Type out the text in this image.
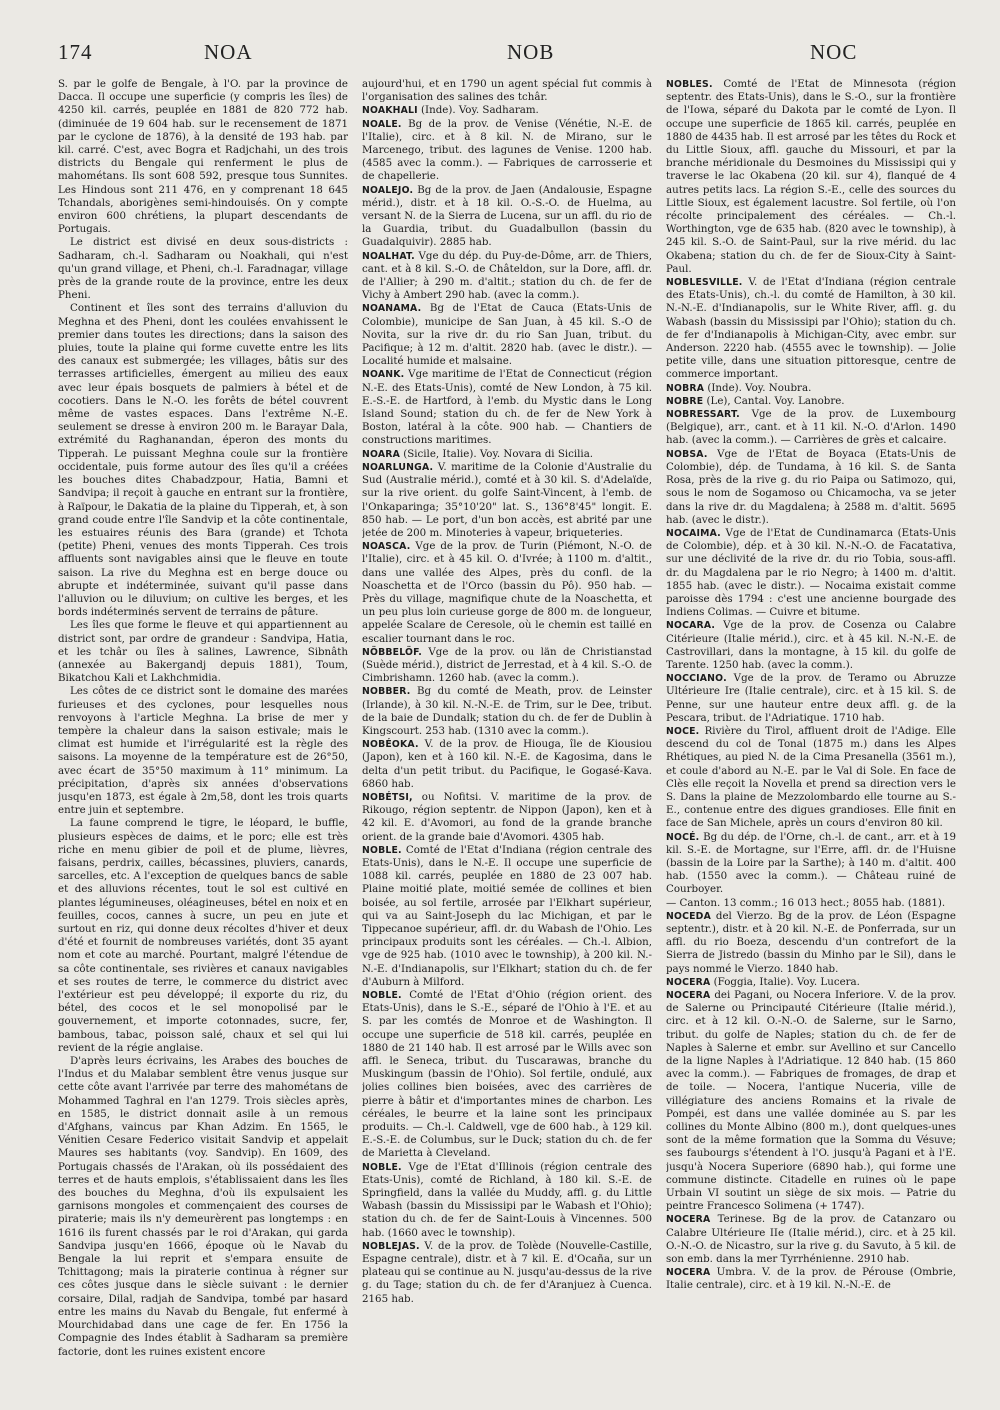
174	NOA	NOB	NOC

S. par le golfe de Bengale, à l'O. par la province de Dacca. Il occupe une superficie (y compris les îles) de 4250 kil. carrés, peuplée en 1881 de 820 772 hab. (diminuée de 19 604 hab. sur le recensement de 1871 par le cyclone de 1876), à la densité de 193 hab. par kil. carré. C'est, avec Bogra et Radjchahi, un des trois districts du Bengale qui renferment le plus de mahométans. Ils sont 608 592, presque tous Sunnites. Les Hindous sont 211 476, en y comprenant 18 645 Tchandals, aborigènes semi-hindouisés. On y compte environ 600 chrétiens, la plupart descendants de Portugais.

Le district est divisé en deux sous-districts : Sadharam, ch.-l. Sadharam ou Noakhali, qui n'est qu'un grand village, et Pheni, ch.-l. Faradnagar, village près de la grande route de la province, entre les deux Pheni.

Continent et îles sont des terrains d'alluvion du Meghna et des Pheni, dont les coulées envahissent le premier dans toutes les directions; dans la saison des pluies, toute la plaine qui forme cuvette entre les lits des canaux est submergée; les villages, bâtis sur des terrasses artificielles, émergent au milieu des eaux avec leur épais bosquets de palmiers à bétel et de cocotiers. Dans le N.-O. les forêts de bétel couvrent même de vastes espaces. Dans l'extrême N.-E. seulement se dresse à environ 200 m. le Barayar Dala, extrémité du Raghanandan, éperon des monts du Tipperah. Le puissant Meghna coule sur la frontière occidentale, puis forme autour des îles qu'il a créées les bouches dites Chabadzpour, Hatia, Bamni et Sandvipa; il reçoit à gauche en entrant sur la frontière, à Raïpour, le Dakatia de la plaine du Tipperah, et, à son grand coude entre l'île Sandvip et la côte continentale, les estuaires réunis des Bara (grande) et Tchota (petite) Pheni, venues des monts Tipperah. Ces trois affluents sont navigables ainsi que le fleuve en toute saison. La rive du Meghna est en berge douce ou abrupte et indéterminée, suivant qu'il passe dans l'alluvion ou le diluvium; on cultive les berges, et les bords indéterminés servent de terrains de pâture.

Les îles que forme le fleuve et qui appartiennent au district sont, par ordre de grandeur : Sandvipa, Hatia, et les tchâr ou îles à salines, Lawrence, Sibnâth (annexée au Bakergandj depuis 1881), Toum, Bikatchou Kali et Lakhchmidia.

Les côtes de ce district sont le domaine des marées furieuses et des cyclones, pour lesquelles nous renvoyons à l'article Meghna. La brise de mer y tempère la chaleur dans la saison estivale; mais le climat est humide et l'irrégularité est la règle des saisons. La moyenne de la température est de 26°50, avec écart de 35°50 maximum à 11° minimum. La précipitation, d'après six années d'observations jusqu'en 1873, est égale à 2m,58, dont les trois quarts entre juin et septembre.

La faune comprend le tigre, le léopard, le buffle, plusieurs espèces de daims, et le porc; elle est très riche en menu gibier de poil et de plume, lièvres, faisans, perdrix, cailles, bécassines, pluviers, canards, sarcelles, etc. A l'exception de quelques bancs de sable et des alluvions récentes, tout le sol est cultivé en plantes légumineuses, oléagineuses, bétel en noix et en feuilles, cocos, cannes à sucre, un peu en jute et surtout en riz, qui donne deux récoltes d'hiver et deux d'été et fournit de nombreuses variétés, dont 35 ayant nom et cote au marché. Pourtant, malgré l'étendue de sa côte continentale, ses rivières et canaux navigables et ses routes de terre, le commerce du district avec l'extérieur est peu développé; il exporte du riz, du bétel, des cocos et le sel monopolisé par le gouvernement, et importe cotonnades, sucre, fer, bambous, tabac, poisson salé, chaux et sel qui lui revient de la régie anglaise.

D'après leurs écrivains, les Arabes des bouches de l'Indus et du Malabar semblent être venus jusque sur cette côte avant l'arrivée par terre des mahométans de Mohammed Taghral en l'an 1279. Trois siècles après, en 1585, le district donnait asile à un remous d'Afghans, vaincus par Khan Adzim. En 1565, le Vénitien Cesare Federico visitait Sandvip et appelait Maures ses habitants (voy. Sandvip). En 1609, des Portugais chassés de l'Arakan, où ils possédaient des terres et de hauts emplois, s'établissaient dans les îles des bouches du Meghna, d'où ils expulsaient les garnisons mongoles et commençaient des courses de piraterie; mais ils n'y demeurèrent pas longtemps : en 1616 ils furent chassés par le roi d'Arakan, qui garda Sandvipa jusqu'en 1666, époque où le Navab du Bengale la lui reprit et s'empara ensuite de Tchittagong; mais la piraterie continua à régner sur ces côtes jusque dans le siècle suivant : le dernier corsaire, Dilal, radjah de Sandvipa, tombé par hasard entre les mains du Navab du Bengale, fut enfermé à Mourchidabad dans une cage de fer. En 1756 la Compagnie des Indes établit à Sadharam sa première factorie, dont les ruines existent encore

aujourd'hui, et en 1790 un agent spécial fut commis à l'organisation des salines des tchâr.

NOAKHALI (Inde). Voy. Sadharam.

NOALE. Bg de la prov. de Venise (Vénétie, N.-E. de l'Italie), circ. et à 8 kil. N. de Mirano, sur le Marcenego, tribut. des lagunes de Venise. 1200 hab. (4585 avec la comm.). — Fabriques de carrosserie et de chapellerie.

NOALEJO. Bg de la prov. de Jaen (Andalousie, Espagne mérid.), distr. et à 18 kil. O.-S.-O. de Huelma, au versant N. de la Sierra de Lucena, sur un affl. du rio de la Guardia, tribut. du Guadalbullon (bassin du Guadalquivir). 2885 hab.

NOALHAT. Vge du dép. du Puy-de-Dôme, arr. de Thiers, cant. et à 8 kil. S.-O. de Châteldon, sur la Dore, affl. dr. de l'Allier; à 290 m. d'altit.; station du ch. de fer de Vichy à Ambert 290 hab. (avec la comm.).

NOANAMA. Bg de l'Etat de Cauca (Etats-Unis de Colombie), municipe de San Juan, à 45 kil. S.-O de Novita, sur la rive dr. du rio San Juan, tribut. du Pacifique; à 12 m. d'altit. 2820 hab. (avec le distr.). — Localité humide et malsaine.

NOANK. Vge maritime de l'Etat de Connecticut (région N.-E. des Etats-Unis), comté de New London, à 75 kil. E.-S.-E. de Hartford, à l'emb. du Mystic dans le Long Island Sound; station du ch. de fer de New York à Boston, latéral à la côte. 900 hab. — Chantiers de constructions maritimes.

NOARA (Sicile, Italie). Voy. Novara di Sicilia.

NOARLUNGA. V. maritime de la Colonie d'Australie du Sud (Australie mérid.), comté et à 30 kil. S. d'Adelaïde, sur la rive orient. du golfe Saint-Vincent, à l'emb. de l'Onkaparinga; 35°10'20" lat. S., 136°8'45" longit. E. 850 hab. — Le port, d'un bon accès, est abrité par une jetée de 200 m. Minoteries à vapeur, briqueteries.

NOASCA. Vge de la prov. de Turin (Piémont, N.-O. de l'Italie), circ. et à 45 kil. O. d'Ivrée; à 1100 m. d'altit., dans une vallée des Alpes, près du confl. de la Noaschetta et de l'Orco (bassin du Pô). 950 hab. — Près du village, magnifique chute de la Noaschetta, et un peu plus loin curieuse gorge de 800 m. de longueur, appelée Scalare de Ceresole, où le chemin est taillé en escalier tournant dans le roc.

NÖBBELÖF. Vge de la prov. ou län de Christianstad (Suède mérid.), district de Jerrestad, et à 4 kil. S.-O. de Cimbrishamn. 1260 hab. (avec la comm.).

NOBBER. Bg du comté de Meath, prov. de Leinster (Irlande), à 30 kil. N.-N.-E. de Trim, sur le Dee, tribut. de la baie de Dundalk; station du ch. de fer de Dublin à Kingscourt. 253 hab. (1310 avec la comm.).

NOBÉOKA. V. de la prov. de Hiouga, île de Kiousiou (Japon), ken et à 160 kil. N.-E. de Kagosima, dans le delta d'un petit tribut. du Pacifique, le Gogasé-Kava. 6860 hab.

NOBÉTSI, ou Nofitsi. V. maritime de la prov. de Rikougo, région septentr. de Nippon (Japon), ken et à 42 kil. E. d'Avomori, au fond de la grande branche orient. de la grande baie d'Avomori. 4305 hab.

NOBLE. Comté de l'Etat d'Indiana (région centrale des Etats-Unis), dans le N.-E. Il occupe une superficie de 1088 kil. carrés, peuplée en 1880 de 23 007 hab. Plaine moitié plate, moitié semée de collines et bien boisée, au sol fertile, arrosée par l'Elkhart supérieur, qui va au Saint-Joseph du lac Michigan, et par le Tippecanoe supérieur, affl. dr. du Wabash de l'Ohio. Les principaux produits sont les céréales. — Ch.-l. Albion, vge de 925 hab. (1010 avec le township), à 200 kil. N.-N.-E. d'Indianapolis, sur l'Elkhart; station du ch. de fer d'Auburn à Milford.

NOBLE. Comté de l'Etat d'Ohio (région orient. des Etats-Unis), dans le S.-E., séparé de l'Ohio à l'E. et au S. par les comtés de Monroe et de Washington. Il occupe une superficie de 518 kil. carrés, peuplée en 1880 de 21 140 hab. Il est arrosé par le Wills avec son affl. le Seneca, tribut. du Tuscarawas, branche du Muskingum (bassin de l'Ohio). Sol fertile, ondulé, aux jolies collines bien boisées, avec des carrières de pierre à bâtir et d'importantes mines de charbon. Les céréales, le beurre et la laine sont les principaux produits. — Ch.-l. Caldwell, vge de 600 hab., à 129 kil. E.-S.-E. de Columbus, sur le Duck; station du ch. de fer de Marietta à Cleveland.

NOBLE. Vge de l'Etat d'Illinois (région centrale des Etats-Unis), comté de Richland, à 180 kil. S.-E. de Springfield, dans la vallée du Muddy, affl. g. du Little Wabash (bassin du Mississipi par le Wabash et l'Ohio); station du ch. de fer de Saint-Louis à Vincennes. 500 hab. (1660 avec le township).

NOBLEJAS. V. de la prov. de Tolède (Nouvelle-Castille, Espagne centrale), distr. et à 7 kil. E. d'Ocaña, sur un plateau qui se continue au N. jusqu'au-dessus de la rive g. du Tage; station du ch. de fer d'Aranjuez à Cuenca. 2165 hab.

NOBLES. Comté de l'Etat de Minnesota (région septentr. des Etats-Unis), dans le S.-O., sur la frontière de l'Iowa, séparé du Dakota par le comté de Lyon. Il occupe une superficie de 1865 kil. carrés, peuplée en 1880 de 4435 hab. Il est arrosé par les têtes du Rock et du Little Sioux, affl. gauche du Missouri, et par la branche méridionale du Desmoines du Mississipi qui y traverse le lac Okabena (20 kil. sur 4), flanqué de 4 autres petits lacs. La région S.-E., celle des sources du Little Sioux, est également lacustre. Sol fertile, où l'on récolte principalement des céréales. — Ch.-l. Worthington, vge de 635 hab. (820 avec le township), à 245 kil. S.-O. de Saint-Paul, sur la rive mérid. du lac Okabena; station du ch. de fer de Sioux-City à Saint-Paul.

NOBLESVILLE. V. de l'Etat d'Indiana (région centrale des Etats-Unis), ch.-l. du comté de Hamilton, à 30 kil. N.-N.-E. d'Indianapolis, sur le White River, affl. g. du Wabash (bassin du Mississipi par l'Ohio); station du ch. de fer d'Indianapolis à Michigan-City, avec embr. sur Anderson. 2220 hab. (4555 avec le township). — Jolie petite ville, dans une situation pittoresque, centre de commerce important.

NOBRA (Inde). Voy. Noubra.

NOBRE (Le), Cantal. Voy. Lanobre.

NOBRESSART. Vge de la prov. de Luxembourg (Belgique), arr., cant. et à 11 kil. N.-O. d'Arlon. 1490 hab. (avec la comm.). — Carrières de grès et calcaire.

NOBSA. Vge de l'Etat de Boyaca (Etats-Unis de Colombie), dép. de Tundama, à 16 kil. S. de Santa Rosa, près de la rive g. du rio Paipa ou Satimozo, qui, sous le nom de Sogamoso ou Chicamocha, va se jeter dans la rive dr. du Magdalena; à 2588 m. d'altit. 5695 hab. (avec le distr.).

NOCAIMA. Vge de l'Etat de Cundinamarca (Etats-Unis de Colombie), dép. et à 30 kil. N.-N.-O. de Facatativa, sur une déclivité de la rive dr. du rio Tobia, sous-affl. dr. du Magdalena par le rio Negro; à 1400 m. d'altit. 1855 hab. (avec le distr.). — Nocaima existait comme paroisse dès 1794 : c'est une ancienne bourgade des Indiens Colimas. — Cuivre et bitume.

NOCARA. Vge de la prov. de Cosenza ou Calabre Citérieure (Italie mérid.), circ. et à 45 kil. N.-N.-E. de Castrovillari, dans la montagne, à 15 kil. du golfe de Tarente. 1250 hab. (avec la comm.).

NOCCIANO. Vge de la prov. de Teramo ou Abruzze Ultérieure Ire (Italie centrale), circ. et à 15 kil. S. de Penne, sur une hauteur entre deux affl. g. de la Pescara, tribut. de l'Adriatique. 1710 hab.

NOCE. Rivière du Tirol, affluent droit de l'Adige. Elle descend du col de Tonal (1875 m.) dans les Alpes Rhétiques, au pied N. de la Cima Presanella (3561 m.), et coule d'abord au N.-E. par le Val di Sole. En face de Clès elle reçoit la Novella et prend sa direction vers le S. Dans la plaine de Mezzolombardo elle tourne au S.-E., contenue entre des digues grandioses. Elle finit en face de San Michele, après un cours d'environ 80 kil.

NOCÉ. Bg du dép. de l'Orne, ch.-l. de cant., arr. et à 19 kil. S.-E. de Mortagne, sur l'Erre, affl. dr. de l'Huisne (bassin de la Loire par la Sarthe); à 140 m. d'altit. 400 hab. (1550 avec la comm.). — Château ruiné de Courboyer.

— Canton. 13 comm.; 16 013 hect.; 8055 hab. (1881).

NOCEDA del Vierzo. Bg de la prov. de Léon (Espagne septentr.), distr. et à 20 kil. N.-E. de Ponferrada, sur un affl. du rio Boeza, descendu d'un contrefort de la Sierra de Jistredo (bassin du Minho par le Sil), dans le pays nommé le Vierzo. 1840 hab.

NOCERA (Foggia, Italie). Voy. Lucera.

NOCERA dei Pagani, ou Nocera Inferiore. V. de la prov. de Salerne ou Principauté Citérieure (Italie mérid.), circ. et à 12 kil. O.-N.-O. de Salerne, sur le Sarno, tribut. du golfe de Naples; station du ch. de fer de Naples à Salerne et embr. sur Avellino et sur Cancello de la ligne Naples à l'Adriatique. 12 840 hab. (15 860 avec la comm.). — Fabriques de fromages, de drap et de toile. — Nocera, l'antique Nuceria, ville de villégiature des anciens Romains et la rivale de Pompéi, est dans une vallée dominée au S. par les collines du Monte Albino (800 m.), dont quelques-unes sont de la même formation que la Somma du Vésuve; ses faubourgs s'étendent à l'O. jusqu'à Pagani et à l'E. jusqu'à Nocera Superiore (6890 hab.), qui forme une commune distincte. Citadelle en ruines où le pape Urbain VI soutint un siège de six mois. — Patrie du peintre Francesco Solimena (+ 1747).

NOCERA Terinese. Bg de la prov. de Catanzaro ou Calabre Ultérieure IIe (Italie mérid.), circ. et à 25 kil. O.-N.-O. de Nicastro, sur la rive g. du Savuto, à 5 kil. de son emb. dans la mer Tyrrhénienne. 2910 hab.

NOCERA Umbra. V. de la prov. de Pérouse (Ombrie, Italie centrale), circ. et à 19 kil. N.-N.-E. de
